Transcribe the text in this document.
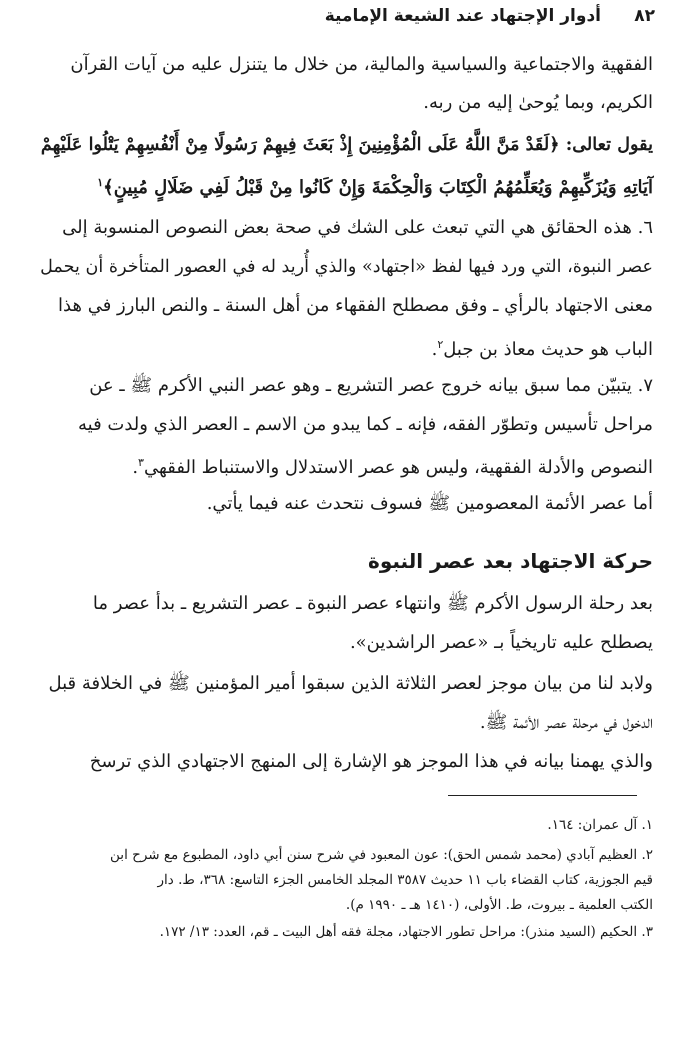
٨٢
أدوار الإجتهاد عند الشيعة الإمامية
الفقهية والاجتماعية والسياسية والمالية، من خلال ما يتنزل عليه من آيات القرآن
الكريم، وبما يُوحىٰ إليه من ربه.
يقول تعالى: ﴿لَقَدْ مَنَّ اللَّهُ عَلَى الْمُؤْمِنِينَ إِذْ بَعَثَ فِيهِمْ رَسُولًا مِنْ أَنْفُسِهِمْ يَتْلُوا عَلَيْهِمْ
آيَاتِهِ وَيُزَكِّيهِمْ وَيُعَلِّمُهُمُ الْكِتَابَ وَالْحِكْمَةَ وَإِنْ كَانُوا مِنْ قَبْلُ لَفِي ضَلَالٍ مُبِينٍ﴾$^١$
٦. هذه الحقائق هي التي تبعث على الشك في صحة بعض النصوص المنسوبة إلى
عصر النبوة، التي ورد فيها لفظ «اجتهاد» والذي أُريد له في العصور المتأخرة أن يحمل
معنى الاجتهاد بالرأي ـ وفق مصطلح الفقهاء من أهل السنة ـ والنص البارز في هذا
الباب هو حديث معاذ بن جبل$^٢$.
٧. يتبيّن مما سبق بيانه خروج عصر التشريع ـ وهو عصر النبي الأكرم ﷺ ـ عن
مراحل تأسيس وتطوّر الفقه، فإنه ـ كما يبدو من الاسم ـ العصر الذي ولدت فيه
النصوص والأدلة الفقهية، وليس هو عصر الاستدلال والاستنباط الفقهي$^٣$.
أما عصر الأئمة المعصومين ﷺ فسوف نتحدث عنه فيما يأتي.
حركة الاجتهاد بعد عصر النبوة
بعد رحلة الرسول الأكرم ﷺ وانتهاء عصر النبوة ـ عصر التشريع ـ بدأ عصر ما
يصطلح عليه تاريخياً بـ «عصر الراشدين».
ولابد لنا من بيان موجز لعصر الثلاثة الذين سبقوا أمير المؤمنين ﷺ في الخلافة قبل
الدخول في مرحلة عصر الأئمة ﷺ.
والذي يهمنا بيانه في هذا الموجز هو الإشارة إلى المنهج الاجتهادي الذي ترسخ
١. آل عمران: ١٦٤.
٢. العظيم آبادي (محمد شمس الحق): عون المعبود في شرح سنن أبي داود، المطبوع مع شرح ابن
قيم الجوزية، كتاب القضاء باب ١١ حديث ٣٥٨٧ المجلد الخامس الجزء التاسع: ٣٦٨، ط. دار
الكتب العلمية ـ بيروت، ط. الأولى، (١٤١٠ هـ ـ ١٩٩٠ م).
٣. الحكيم (السيد منذر): مراحل تطور الاجتهاد، مجلة فقه أهل البيت ـ قم، العدد: ١٣/ ١٧٢.
